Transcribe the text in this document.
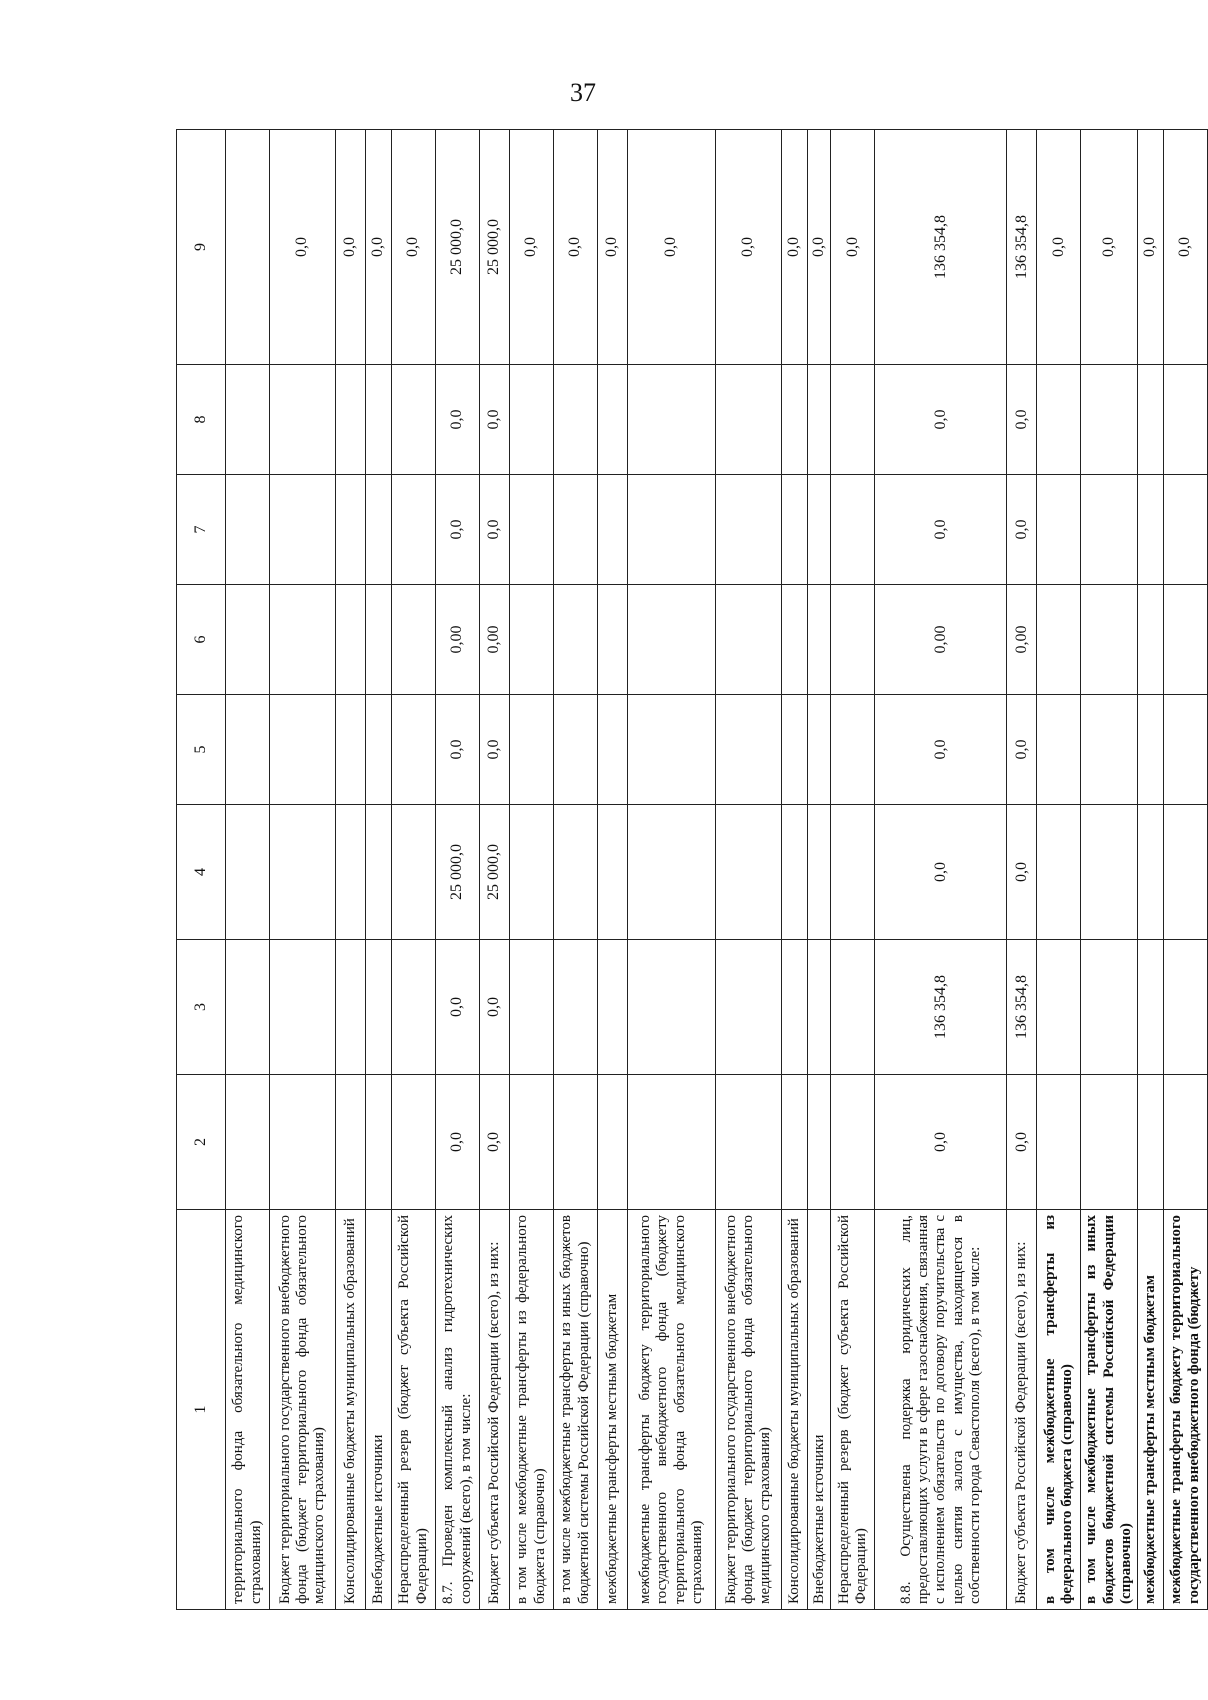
37
1	2	3	4	5	6	7	8	9
территориального фонда обязательного медицинского страхования)								
Бюджет территориального государственного внебюджетного фонда (бюджет территориального фонда обязательного медицинского страхования)								0,0
Консолидированные бюджеты муниципальных образований								0,0
Внебюджетные источники								0,0
Нераспределенный резерв (бюджет субъекта Российской Федерации)								0,0
8.7. Проведен комплексный анализ гидротехнических сооружений (всего), в том числе:	0,0	0,0	25 000,0	0,0	0,00	0,0	0,0	25 000,0
Бюджет субъекта Российской Федерации (всего), из них:	0,0	0,0	25 000,0	0,0	0,00	0,0	0,0	25 000,0
в том числе межбюджетные трансферты из федерального бюджета (справочно)								0,0
в том числе межбюджетные трансферты из иных бюджетов бюджетной системы Российской Федерации (справочно)								0,0
межбюджетные трансферты местным бюджетам								0,0
межбюджетные трансферты бюджету территориального государственного внебюджетного фонда (бюджету территориального фонда обязательного медицинского страхования)								0,0
Бюджет территориального государственного внебюджетного фонда (бюджет территориального фонда обязательного медицинского страхования)								0,0
Консолидированные бюджеты муниципальных образований								0,0
Внебюджетные источники								0,0
Нераспределенный резерв (бюджет субъекта Российской Федерации)								0,0
8.8. Осуществлена подержка юридических лиц, предоставляющих услуги в сфере газоснабжения, связанная с исполнением обязательств по договору поручительства с целью снятия залога с имущества, находящегося в собственности города Севастополя (всего), в том числе:	0,0	136 354,8	0,0	0,0	0,00	0,0	0,0	136 354,8
Бюджет субъекта Российской Федерации (всего), из них:	0,0	136 354,8	0,0	0,0	0,00	0,0	0,0	136 354,8
в том числе межбюджетные трансферты из федерального бюджета (справочно)								0,0
в том числе межбюджетные трансферты из иных бюджетов бюджетной системы Российской Федерации (справочно)								0,0
межбюджетные трансферты местным бюджетам								0,0
межбюджетные трансферты бюджету территориального государственного внебюджетного фонда (бюджету								0,0
